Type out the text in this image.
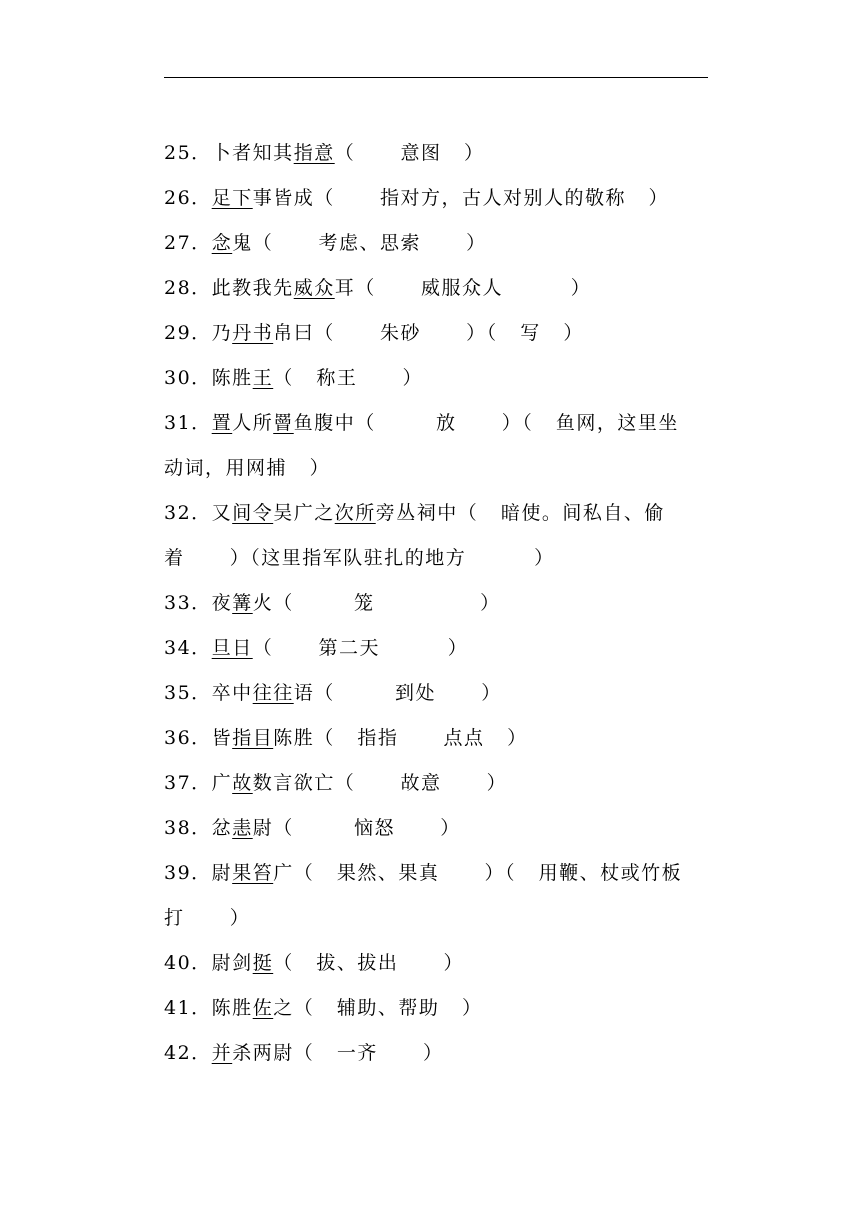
25．卜者知其指意（      意图   ）
26．足下事皆成（      指对方，古人对别人的敬称   ）
27．念鬼（      考虑、思索      ）
28．此教我先威众耳（      威服众人         ）
29．乃丹书帛曰（      朱砂      ）（   写   ）
30．陈胜王（   称王      ）
31．置人所罾鱼腹中（        放      ）（   鱼网，这里坐
动词，用网捕   ）
32．又间令吴广之次所旁丛祠中（   暗使。间私自、偷
着      ）（这里指军队驻扎的地方         ）
33．夜篝火（        笼              ）
34．旦日（      第二天         ）
35．卒中往往语（        到处      ）
36．皆指目陈胜（   指指      点点   ）
37．广故数言欲亡（      故意      ）
38．忿恚尉（        恼怒      ）
39．尉果笞广（   果然、果真      ）（   用鞭、杖或竹板
打      ）
40．尉剑挺（   拔、拔出      ）
41．陈胜佐之（   辅助、帮助   ）
42．并杀两尉（   一齐      ）
